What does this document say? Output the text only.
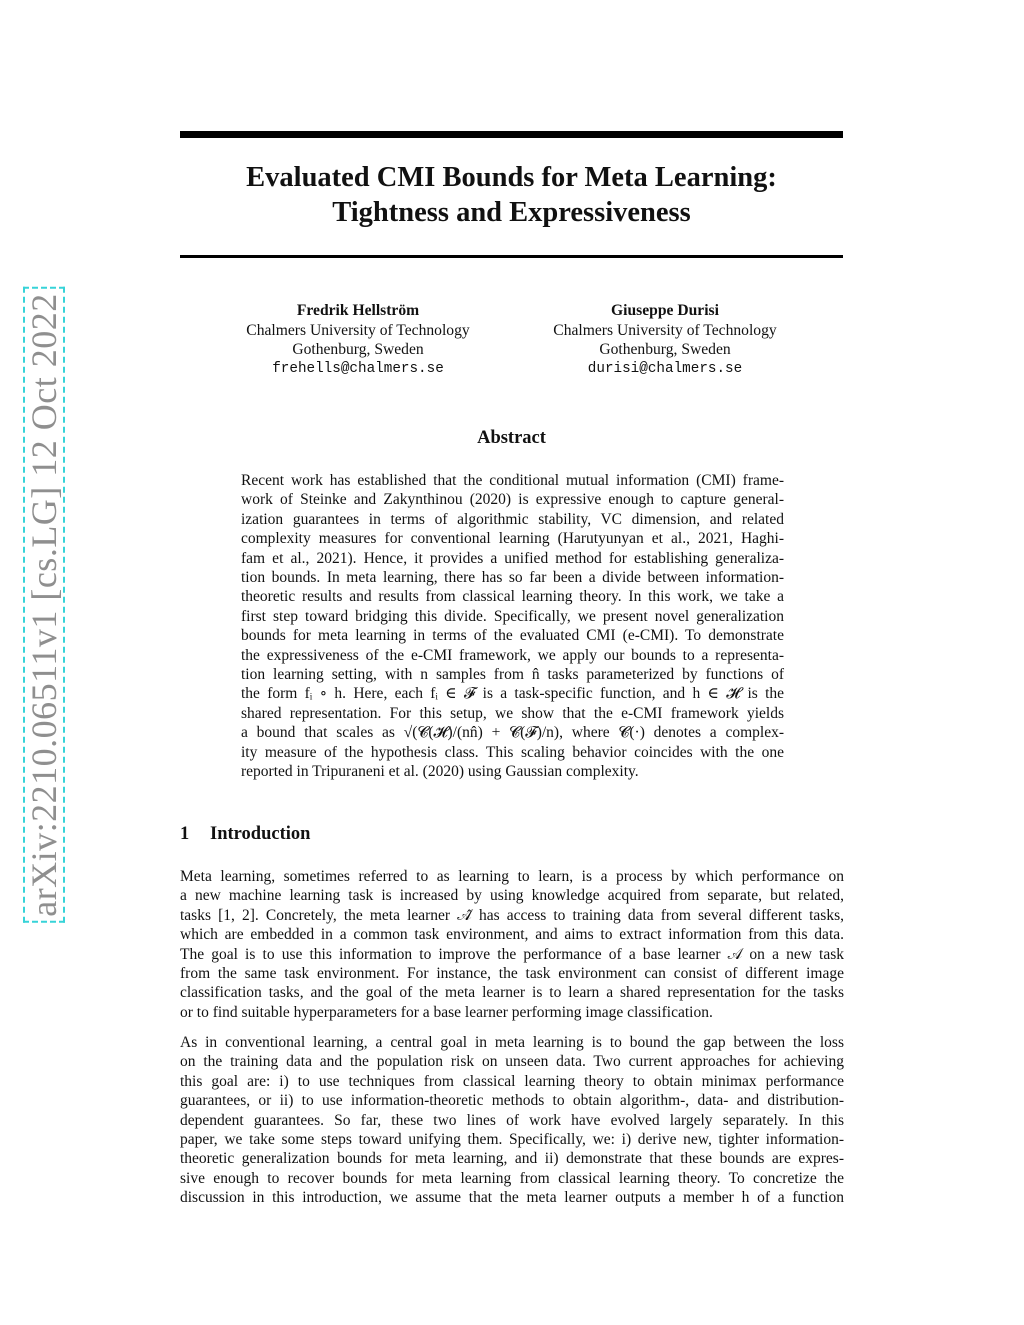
Evaluated CMI Bounds for Meta Learning:
Tightness and Expressiveness
Fredrik Hellström
Chalmers University of Technology
Gothenburg, Sweden
frehells@chalmers.se
Giuseppe Durisi
Chalmers University of Technology
Gothenburg, Sweden
durisi@chalmers.se
Abstract
Recent work has established that the conditional mutual information (CMI) frame-
work of Steinke and Zakynthinou (2020) is expressive enough to capture general-
ization guarantees in terms of algorithmic stability, VC dimension, and related
complexity measures for conventional learning (Harutyunyan et al., 2021, Haghi-
fam et al., 2021). Hence, it provides a unified method for establishing generaliza-
tion bounds. In meta learning, there has so far been a divide between information-
theoretic results and results from classical learning theory. In this work, we take a
first step toward bridging this divide. Specifically, we present novel generalization
bounds for meta learning in terms of the evaluated CMI (e-CMI). To demonstrate
the expressiveness of the e-CMI framework, we apply our bounds to a representa-
tion learning setting, with n samples from n̂ tasks parameterized by functions of
the form fᵢ ∘ h. Here, each fᵢ ∈ 𝓕 is a task-specific function, and h ∈ 𝓗 is the
shared representation. For this setup, we show that the e-CMI framework yields
a bound that scales as √(𝓒(𝓗)/(nn̂) + 𝓒(𝓕)/n), where 𝓒(·) denotes a complex-
ity measure of the hypothesis class. This scaling behavior coincides with the one
reported in Tripuraneni et al. (2020) using Gaussian complexity.
1 Introduction
Meta learning, sometimes referred to as learning to learn, is a process by which performance on
a new machine learning task is increased by using knowledge acquired from separate, but related,
tasks [1, 2]. Concretely, the meta learner 𝒜̂ has access to training data from several different tasks,
which are embedded in a common task environment, and aims to extract information from this data.
The goal is to use this information to improve the performance of a base learner 𝒜 on a new task
from the same task environment. For instance, the task environment can consist of different image
classification tasks, and the goal of the meta learner is to learn a shared representation for the tasks
or to find suitable hyperparameters for a base learner performing image classification.
As in conventional learning, a central goal in meta learning is to bound the gap between the loss
on the training data and the population risk on unseen data. Two current approaches for achieving
this goal are: i) to use techniques from classical learning theory to obtain minimax performance
guarantees, or ii) to use information-theoretic methods to obtain algorithm-, data- and distribution-
dependent guarantees. So far, these two lines of work have evolved largely separately. In this
paper, we take some steps toward unifying them. Specifically, we: i) derive new, tighter information-
theoretic generalization bounds for meta learning, and ii) demonstrate that these bounds are expres-
sive enough to recover bounds for meta learning from classical learning theory. To concretize the
discussion in this introduction, we assume that the meta learner outputs a member h of a function
arXiv:2210.06511v1 [cs.LG] 12 Oct 2022
